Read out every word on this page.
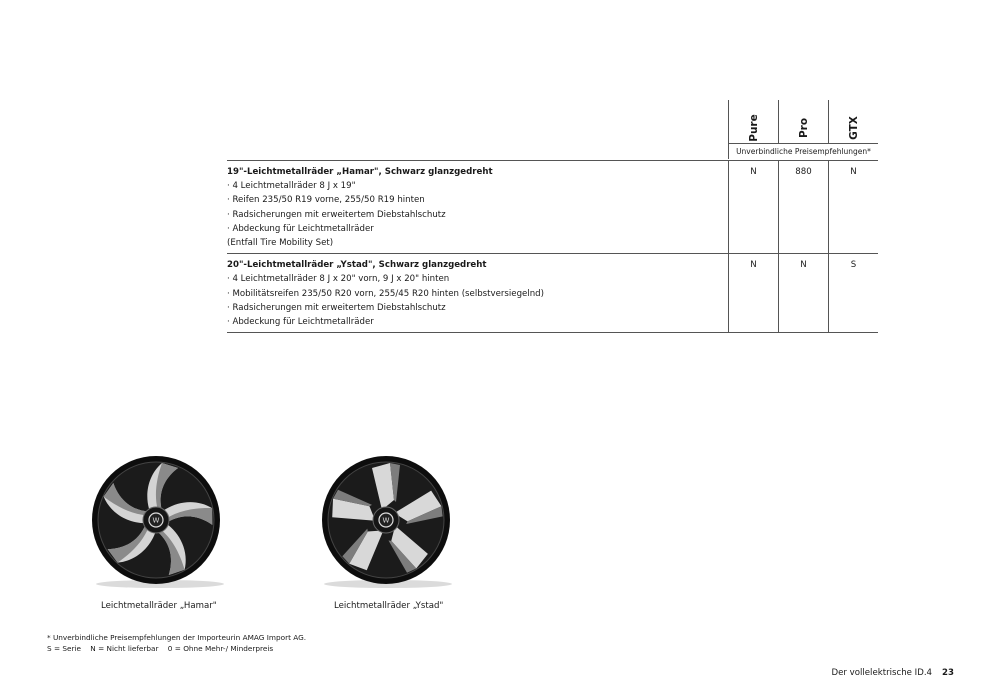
Pure	Pro	GTX
Unverbindliche Preisempfehlungen*
19"-Leichtmetallräder „Hamar", Schwarz glanzgedreht
· 4 Leichtmetallräder 8 J x 19"
· Reifen 235/50 R19 vorne, 255/50 R19 hinten
· Radsicherungen mit erweitertem Diebstahlschutz
· Abdeckung für Leichtmetallräder
(Entfall Tire Mobility Set)
N	880	N
20"-Leichtmetallräder „Ystad", Schwarz glanzgedreht
· 4 Leichtmetallräder 8 J x 20" vorn, 9 J x 20" hinten
· Mobilitätsreifen 235/50 R20 vorn, 255/45 R20 hinten (selbstversiegelnd)
· Radsicherungen mit erweitertem Diebstahlschutz
· Abdeckung für Leichtmetallräder
N	N	S
W	W
Leichtmetallräder „Hamar"	Leichtmetallräder „Ystad"
* Unverbindliche Preisempfehlungen der Importeurin AMAG Import AG.
S = Serie    N = Nicht lieferbar    0 = Ohne Mehr-/ Minderpreis
Der vollelektrische ID.4 23
